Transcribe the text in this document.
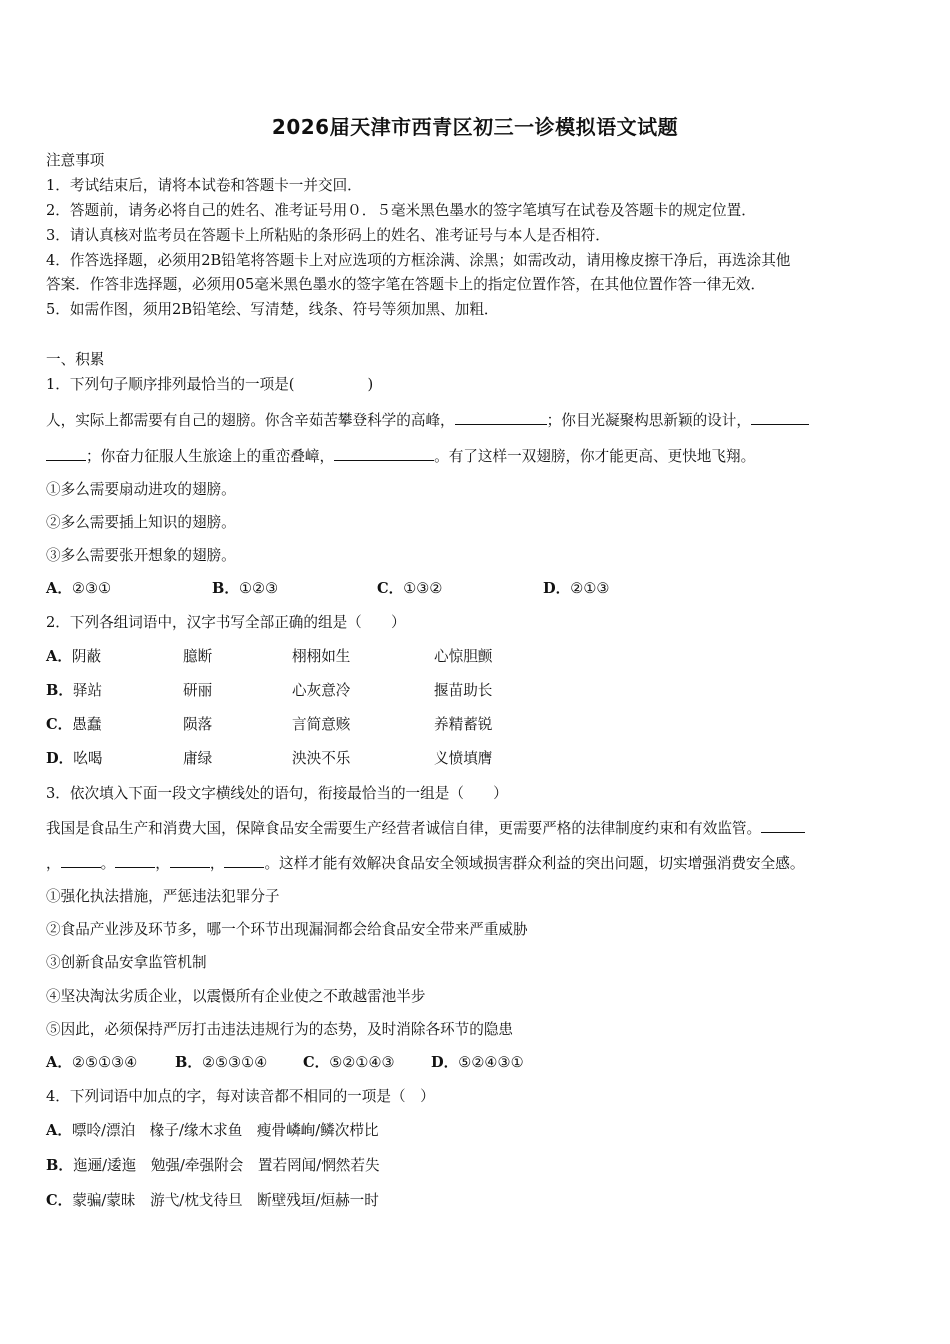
2026届天津市西青区初三一诊模拟语文试题
注意事项
1．考试结束后，请将本试卷和答题卡一并交回．
2．答题前，请务必将自己的姓名、准考证号用０．５毫米黑色墨水的签字笔填写在试卷及答题卡的规定位置．
3．请认真核对监考员在答题卡上所粘贴的条形码上的姓名、准考证号与本人是否相符．
4．作答选择题，必须用2B铅笔将答题卡上对应选项的方框涂满、涂黑；如需改动，请用橡皮擦干净后，再选涂其他
答案．作答非选择题，必须用05毫米黑色墨水的签字笔在答题卡上的指定位置作答，在其他位置作答一律无效．
5．如需作图，须用2B铅笔绘、写清楚，线条、符号等须加黑、加粗．
一、积累
1．下列句子顺序排列最恰当的一项是(　　　　　)
人，实际上都需要有自己的翅膀。你含辛茹苦攀登科学的高峰，	；你目光凝聚构思新颖的设计，
；你奋力征服人生旅途上的重峦叠嶂，	。有了这样一双翅膀，你才能更高、更快地飞翔。
①多么需要扇动进攻的翅膀。
②多么需要插上知识的翅膀。
③多么需要张开想象的翅膀。
A．②③①	B．①②③	C．①③②	D．②①③
2．下列各组词语中，汉字书写全部正确的组是（　　）
A．阴蔽	臆断	栩栩如生	心惊胆颤
B．驿站	研丽	心灰意冷	揠苗助长
C．愚蠢	陨落	言简意赅	养精蓄锐
D．吆喝	庸绿	泱泱不乐	义愤填膺
3．依次填入下面一段文字横线处的语句，衔接最恰当的一组是（　　）
我国是食品生产和消费大国，保障食品安全需要生产经营者诚信自律，更需要严格的法律制度约束和有效监管。
，	。	，	，	。这样才能有效解决食品安全领域损害群众利益的突出问题，切实增强消费安全感。
①强化执法措施，严惩违法犯罪分子
②食品产业涉及环节多，哪一个环节出现漏洞都会给食品安全带来严重威胁
③创新食品安拿监管机制
④坚决淘汰劣质企业，以震慑所有企业使之不敢越雷池半步
⑤因此，必须保持严厉打击违法违规行为的态势，及时消除各环节的隐患
A．②⑤①③④	B．②⑤③①④ C．⑤②①④③ D．⑤②④③①
4．下列词语中加点的字，每对读音都不相同的一项是（　）
A．嘌呤/漂泊　椽子/缘木求鱼　瘦骨嶙峋/鳞次栉比
B．迤逦/逶迤　勉强/牵强附会　置若罔闻/惘然若失
C．蒙骗/蒙昧　游弋/枕戈待旦　断壁残垣/烜赫一时
